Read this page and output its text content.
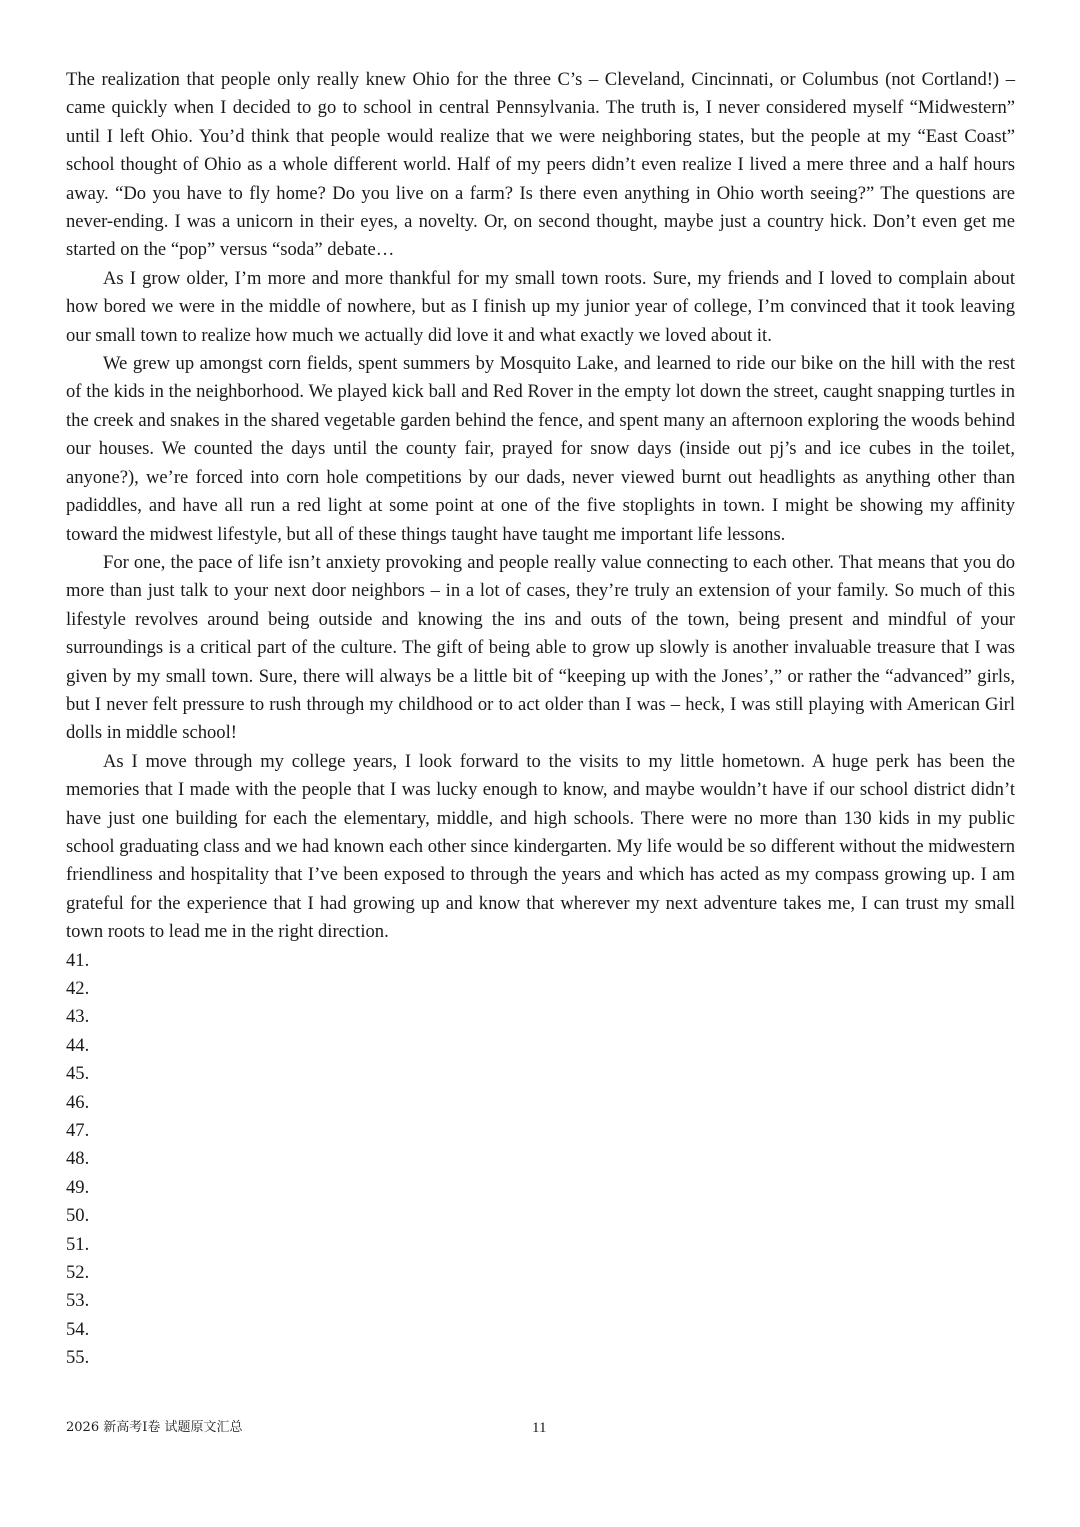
The realization that people only really knew Ohio for the three C’s – Cleveland, Cincinnati, or Columbus (not Cortland!) – came quickly when I decided to go to school in central Pennsylvania. The truth is, I never considered myself “Midwestern” until I left Ohio. You’d think that people would realize that we were neighboring states, but the people at my “East Coast” school thought of Ohio as a whole different world. Half of my peers didn’t even realize I lived a mere three and a half hours away. “Do you have to fly home? Do you live on a farm? Is there even anything in Ohio worth seeing?” The questions are never-ending. I was a unicorn in their eyes, a novelty. Or, on second thought, maybe just a country hick. Don’t even get me started on the “pop” versus “soda” debate…

As I grow older, I’m more and more thankful for my small town roots. Sure, my friends and I loved to complain about how bored we were in the middle of nowhere, but as I finish up my junior year of college, I’m convinced that it took leaving our small town to realize how much we actually did love it and what exactly we loved about it.

We grew up amongst corn fields, spent summers by Mosquito Lake, and learned to ride our bike on the hill with the rest of the kids in the neighborhood. We played kick ball and Red Rover in the empty lot down the street, caught snapping turtles in the creek and snakes in the shared vegetable garden behind the fence, and spent many an afternoon exploring the woods behind our houses. We counted the days until the county fair, prayed for snow days (inside out pj’s and ice cubes in the toilet, anyone?), we’re forced into corn hole competitions by our dads, never viewed burnt out headlights as anything other than padiddles, and have all run a red light at some point at one of the five stoplights in town. I might be showing my affinity toward the midwest lifestyle, but all of these things taught have taught me important life lessons.

For one, the pace of life isn’t anxiety provoking and people really value connecting to each other. That means that you do more than just talk to your next door neighbors – in a lot of cases, they’re truly an extension of your family. So much of this lifestyle revolves around being outside and knowing the ins and outs of the town, being present and mindful of your surroundings is a critical part of the culture. The gift of being able to grow up slowly is another invaluable treasure that I was given by my small town. Sure, there will always be a little bit of “keeping up with the Jones’,” or rather the “advanced” girls, but I never felt pressure to rush through my childhood or to act older than I was – heck, I was still playing with American Girl dolls in middle school!

As I move through my college years, I look forward to the visits to my little hometown. A huge perk has been the memories that I made with the people that I was lucky enough to know, and maybe wouldn’t have if our school district didn’t have just one building for each the elementary, middle, and high schools. There were no more than 130 kids in my public school graduating class and we had known each other since kindergarten. My life would be so different without the midwestern friendliness and hospitality that I’ve been exposed to through the years and which has acted as my compass growing up. I am grateful for the experience that I had growing up and know that wherever my next adventure takes me, I can trust my small town roots to lead me in the right direction.

41.
42.
43.
44.
45.
46.
47.
48.
49.
50.
51.
52.
53.
54.
55.
2026 新高考I卷 试题原文汇总	11
